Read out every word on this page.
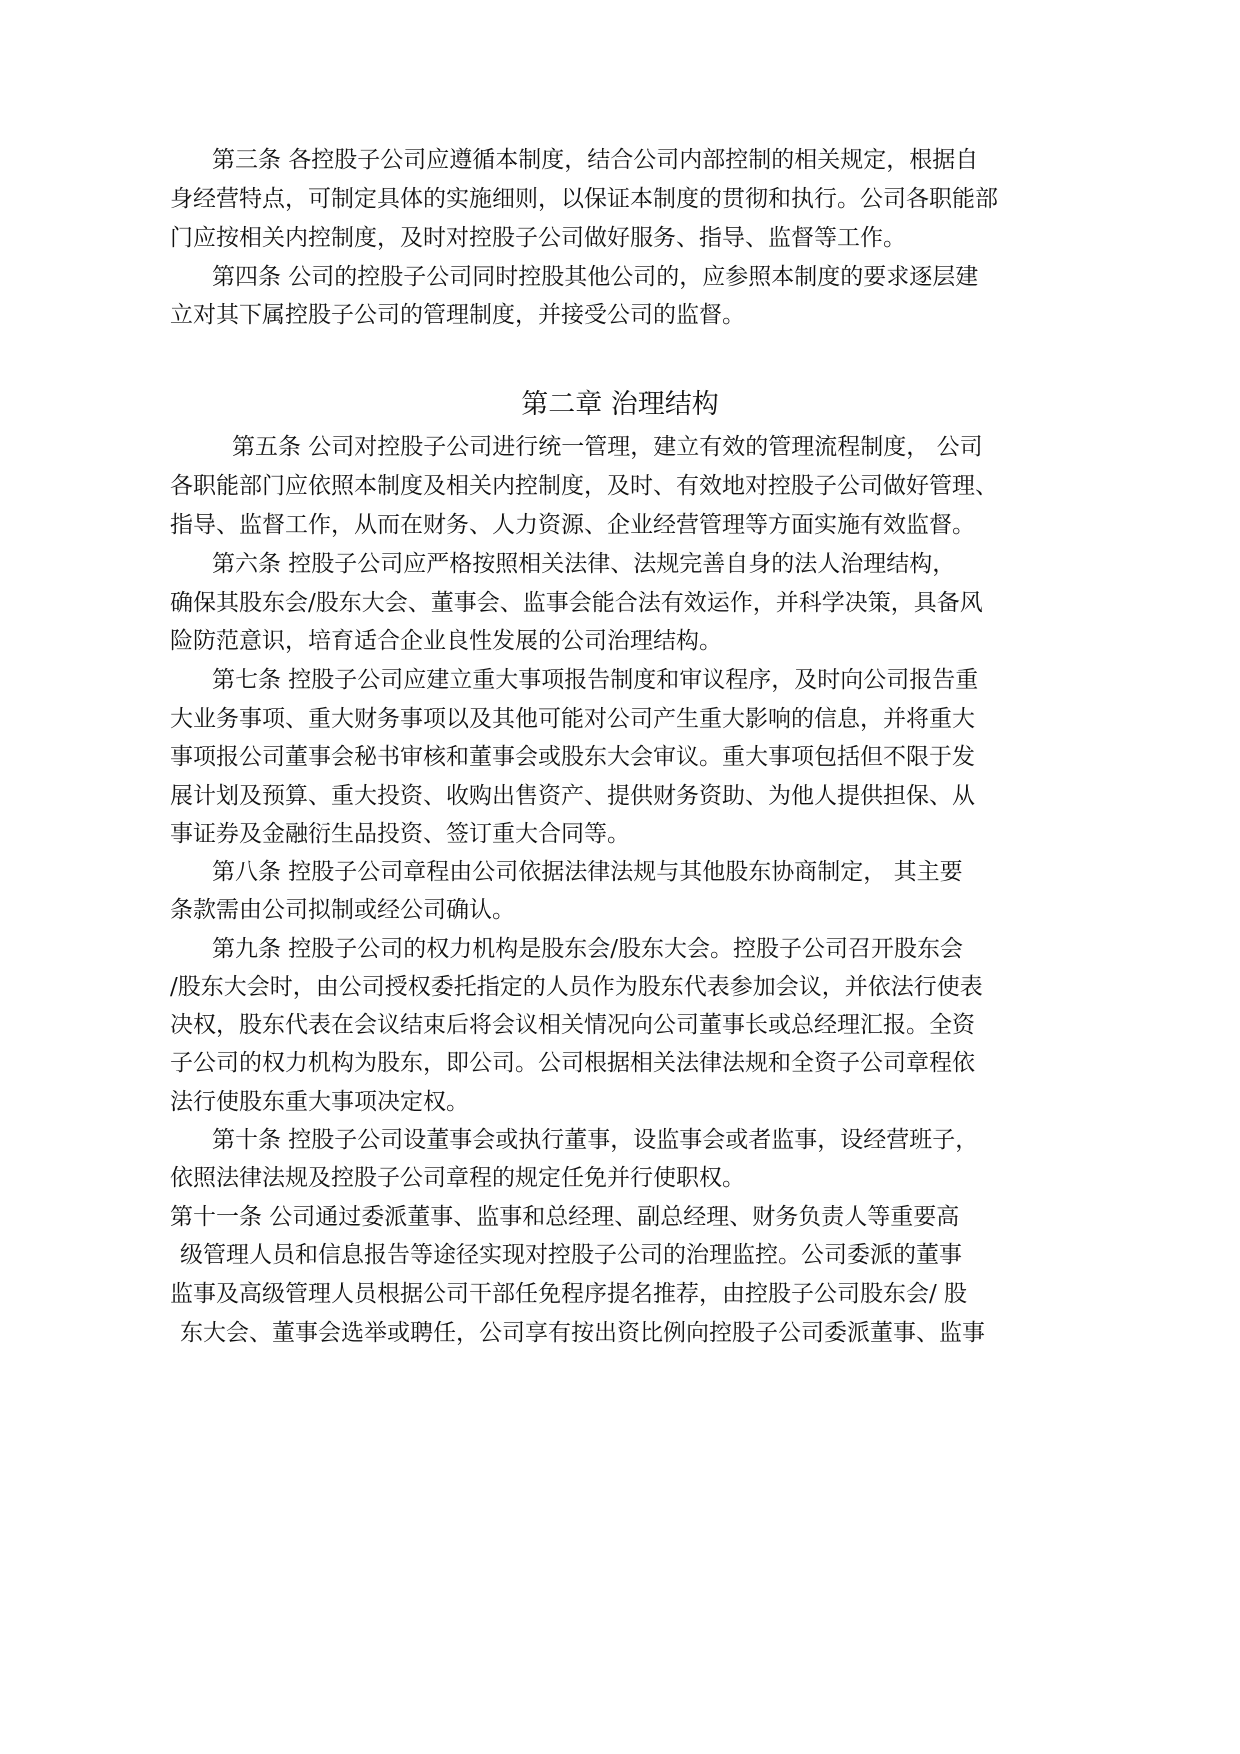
第三条 各控股子公司应遵循本制度，结合公司内部控制的相关规定，根据自
身经营特点，可制定具体的实施细则，以保证本制度的贯彻和执行。公司各职能部
门应按相关内控制度，及时对控股子公司做好服务、指导、监督等工作。
第四条 公司的控股子公司同时控股其他公司的，应参照本制度的要求逐层建
立对其下属控股子公司的管理制度，并接受公司的监督。
第二章 治理结构
第五条 公司对控股子公司进行统一管理，建立有效的管理流程制度， 公司
各职能部门应依照本制度及相关内控制度，及时、有效地对控股子公司做好管理、
指导、监督工作，从而在财务、人力资源、企业经营管理等方面实施有效监督。
第六条 控股子公司应严格按照相关法律、法规完善自身的法人治理结构，
确保其股东会/股东大会、董事会、监事会能合法有效运作，并科学决策，具备风
险防范意识，培育适合企业良性发展的公司治理结构。
第七条 控股子公司应建立重大事项报告制度和审议程序，及时向公司报告重
大业务事项、重大财务事项以及其他可能对公司产生重大影响的信息，并将重大
事项报公司董事会秘书审核和董事会或股东大会审议。重大事项包括但不限于发
展计划及预算、重大投资、收购出售资产、提供财务资助、为他人提供担保、从
事证券及金融衍生品投资、签订重大合同等。
第八条 控股子公司章程由公司依据法律法规与其他股东协商制定， 其主要
条款需由公司拟制或经公司确认。
第九条 控股子公司的权力机构是股东会/股东大会。控股子公司召开股东会
/股东大会时，由公司授权委托指定的人员作为股东代表参加会议，并依法行使表
决权，股东代表在会议结束后将会议相关情况向公司董事长或总经理汇报。全资
子公司的权力机构为股东，即公司。公司根据相关法律法规和全资子公司章程依
法行使股东重大事项决定权。
第十条 控股子公司设董事会或执行董事，设监事会或者监事，设经营班子，
依照法律法规及控股子公司章程的规定任免并行使职权。
第十一条 公司通过委派董事、监事和总经理、副总经理、财务负责人等重要高
级管理人员和信息报告等途径实现对控股子公司的治理监控。公司委派的董事
监事及高级管理人员根据公司干部任免程序提名推荐，由控股子公司股东会/ 股
东大会、董事会选举或聘任，公司享有按出资比例向控股子公司委派董事、监事
